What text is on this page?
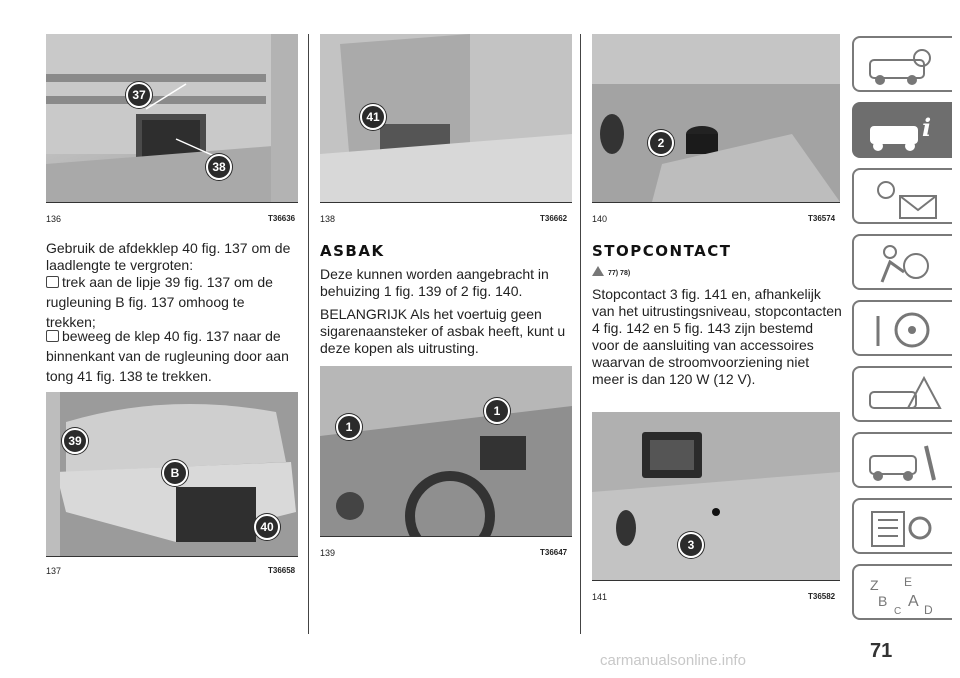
37
38
136	T36636
Gebruik de afdekklep 40 fig. 137 om de laadlengte te vergroten:
trek aan de lipje 39 fig. 137 om de
rugleuning B fig. 137 omhoog te
trekken;
beweeg de klep 40 fig. 137 naar de
binnenkant van de rugleuning door aan
tong 41 fig. 138 te trekken.
39
B
40
137	T36658
41
138	T36662
ASBAK
Deze kunnen worden aangebracht in behuizing 1 fig. 139 of 2 fig. 140.
BELANGRIJK Als het voertuig geen sigarenaansteker of asbak heeft, kunt u deze kopen als uitrusting.
1
1
139	T36647
2
140	T36574
STOPCONTACT
77) 78)
Stopcontact 3 fig. 141 en, afhankelijk van het uitrustingsniveau, stopcontacten 4 fig. 142 en 5 fig. 143 zijn bestemd voor de aansluiting van accessoires waarvan de stroomvoorziening niet meer is dan 120 W (12 V).
3
141	T36582
i
Z E
B A
C D
71
carmanualsonline.info
